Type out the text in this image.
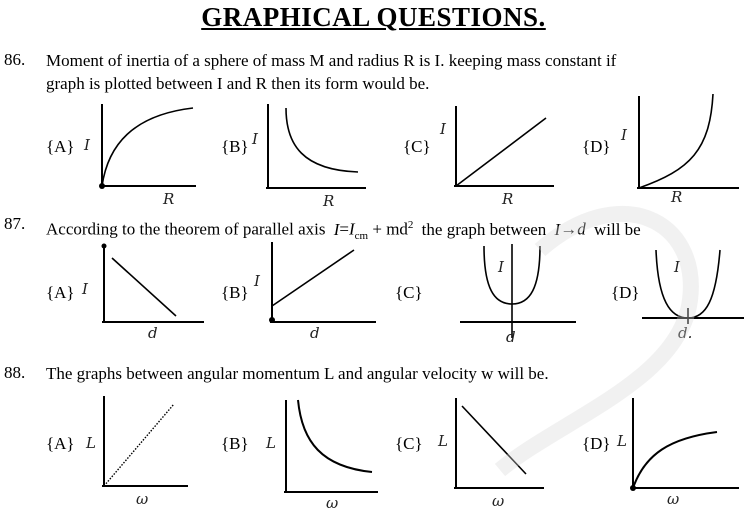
GRAPHICAL QUESTIONS.
86. Moment of inertia of a sphere of mass M and radius R is I. keeping mass constant if
graph is plotted between I and R then its form would be.
{A}	{B}	{C}	{D}
I
R
I
R
I
R
I
R
87. According to the theorem of parallel axis $I=I_{cm} + md^2$ the graph between I→d will be
{A}	{B}	{C}	{D}
I
d
I
d
I
d
I
d.
88. The graphs between angular momentum L and angular velocity w will be.
{A}	{B}	{C}	{D}
L
ω
L
ω
L
ω
L
ω
